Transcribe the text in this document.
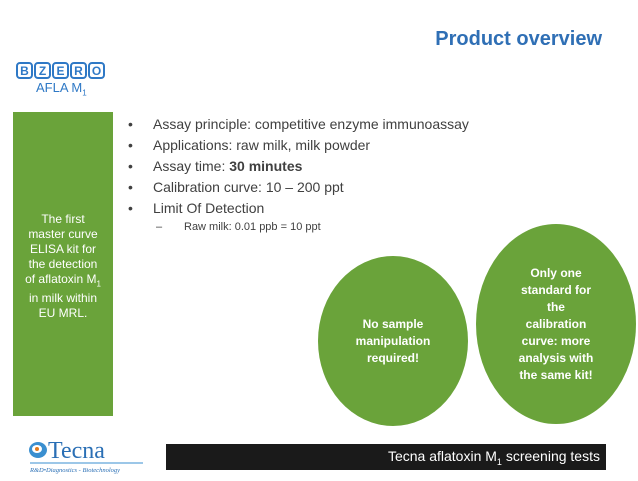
Product overview
B Z E R O
AFLA $M_1$
The first
master curve
ELISA kit for
the detection
of aflatoxin $M_1$
in milk within
EU MRL.
•	Assay principle: competitive enzyme immunoassay
•	Applications: raw milk, milk powder
•	Assay time: 30 minutes
•	Calibration curve: 10 – 200 ppt
•	Limit Of Detection
–	Raw milk: 0.01 ppb = 10 ppt
No sample
manipulation
required!
Only one
standard for
the
calibration
curve: more
analysis with
the same kit!
Tecna
R&D•Diagnostics - Biotechnology
Tecna aflatoxin $M_1$ screening tests
